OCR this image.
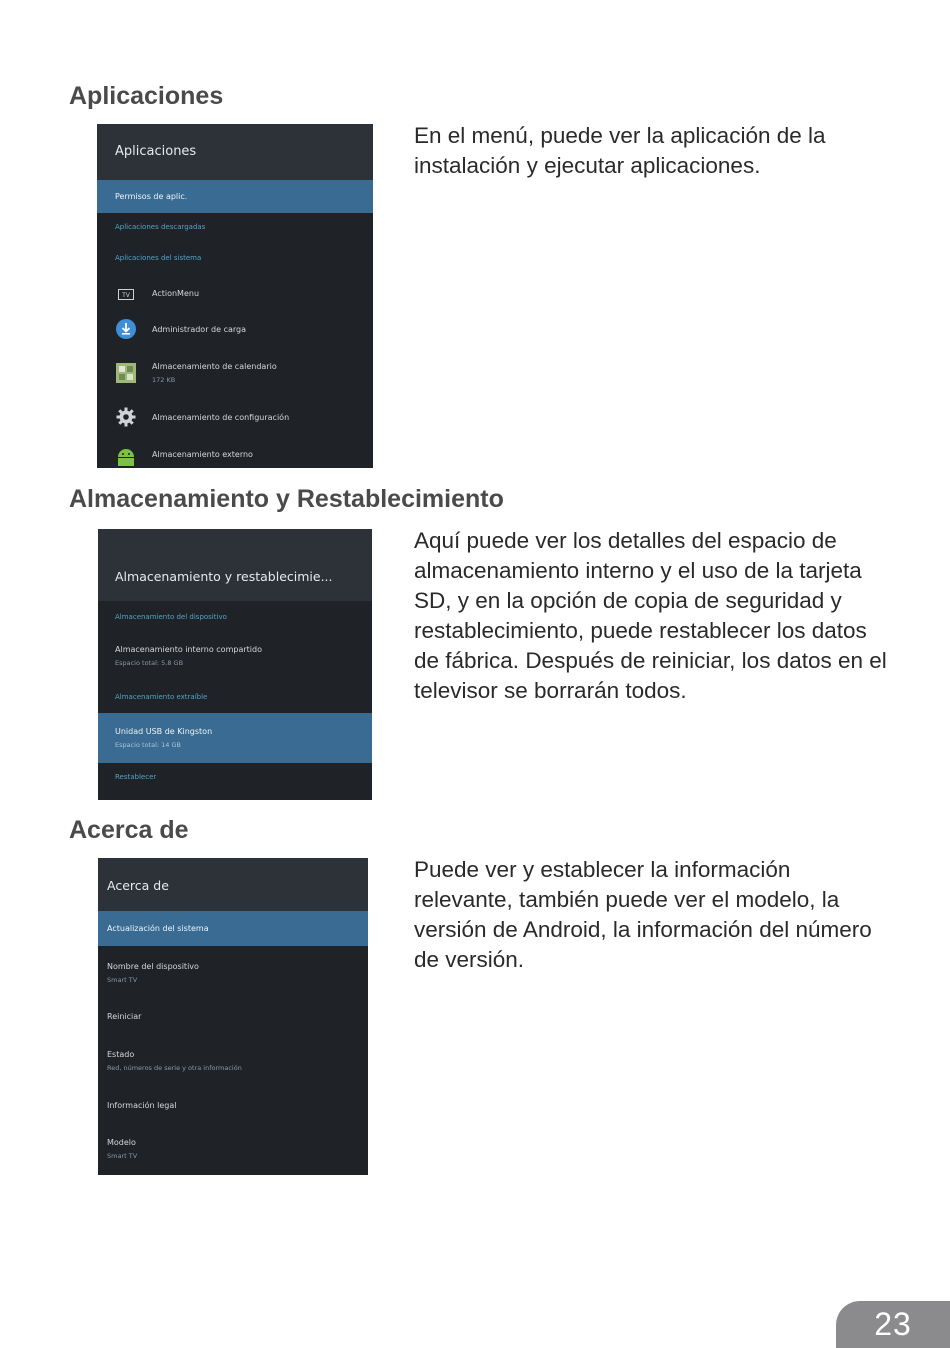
Aplicaciones
Aplicaciones
Permisos de aplic.
Aplicaciones descargadas
Aplicaciones del sistema
TV	ActionMenu
Administrador de carga
Almacenamiento de calendario
172 KB
Almacenamiento de configuración
Almacenamiento externo
En el menú, puede ver la aplicación de la instalación y ejecutar aplicaciones.
Almacenamiento y Restablecimiento
Almacenamiento y restablecimie...
Almacenamiento del dispositivo
Almacenamiento interno compartido
Espacio total: 5.8 GB
Almacenamiento extraíble
Unidad USB de Kingston
Espacio total: 14 GB
Restablecer
Aquí puede ver los detalles del espacio de almacenamiento interno y el uso de la tarjeta SD, y en la opción de copia de seguridad y restablecimiento, puede restablecer los datos de fábrica. Después de reiniciar, los datos en el televisor se borrarán todos.
Acerca de
Acerca de
Actualización del sistema
Nombre del dispositivo
Smart TV
Reiniciar
Estado
Red, números de serie y otra información
Información legal
Modelo
Smart TV
Puede ver y establecer la información relevante, también puede ver el modelo, la versión de Android, la información del número de versión.
23
